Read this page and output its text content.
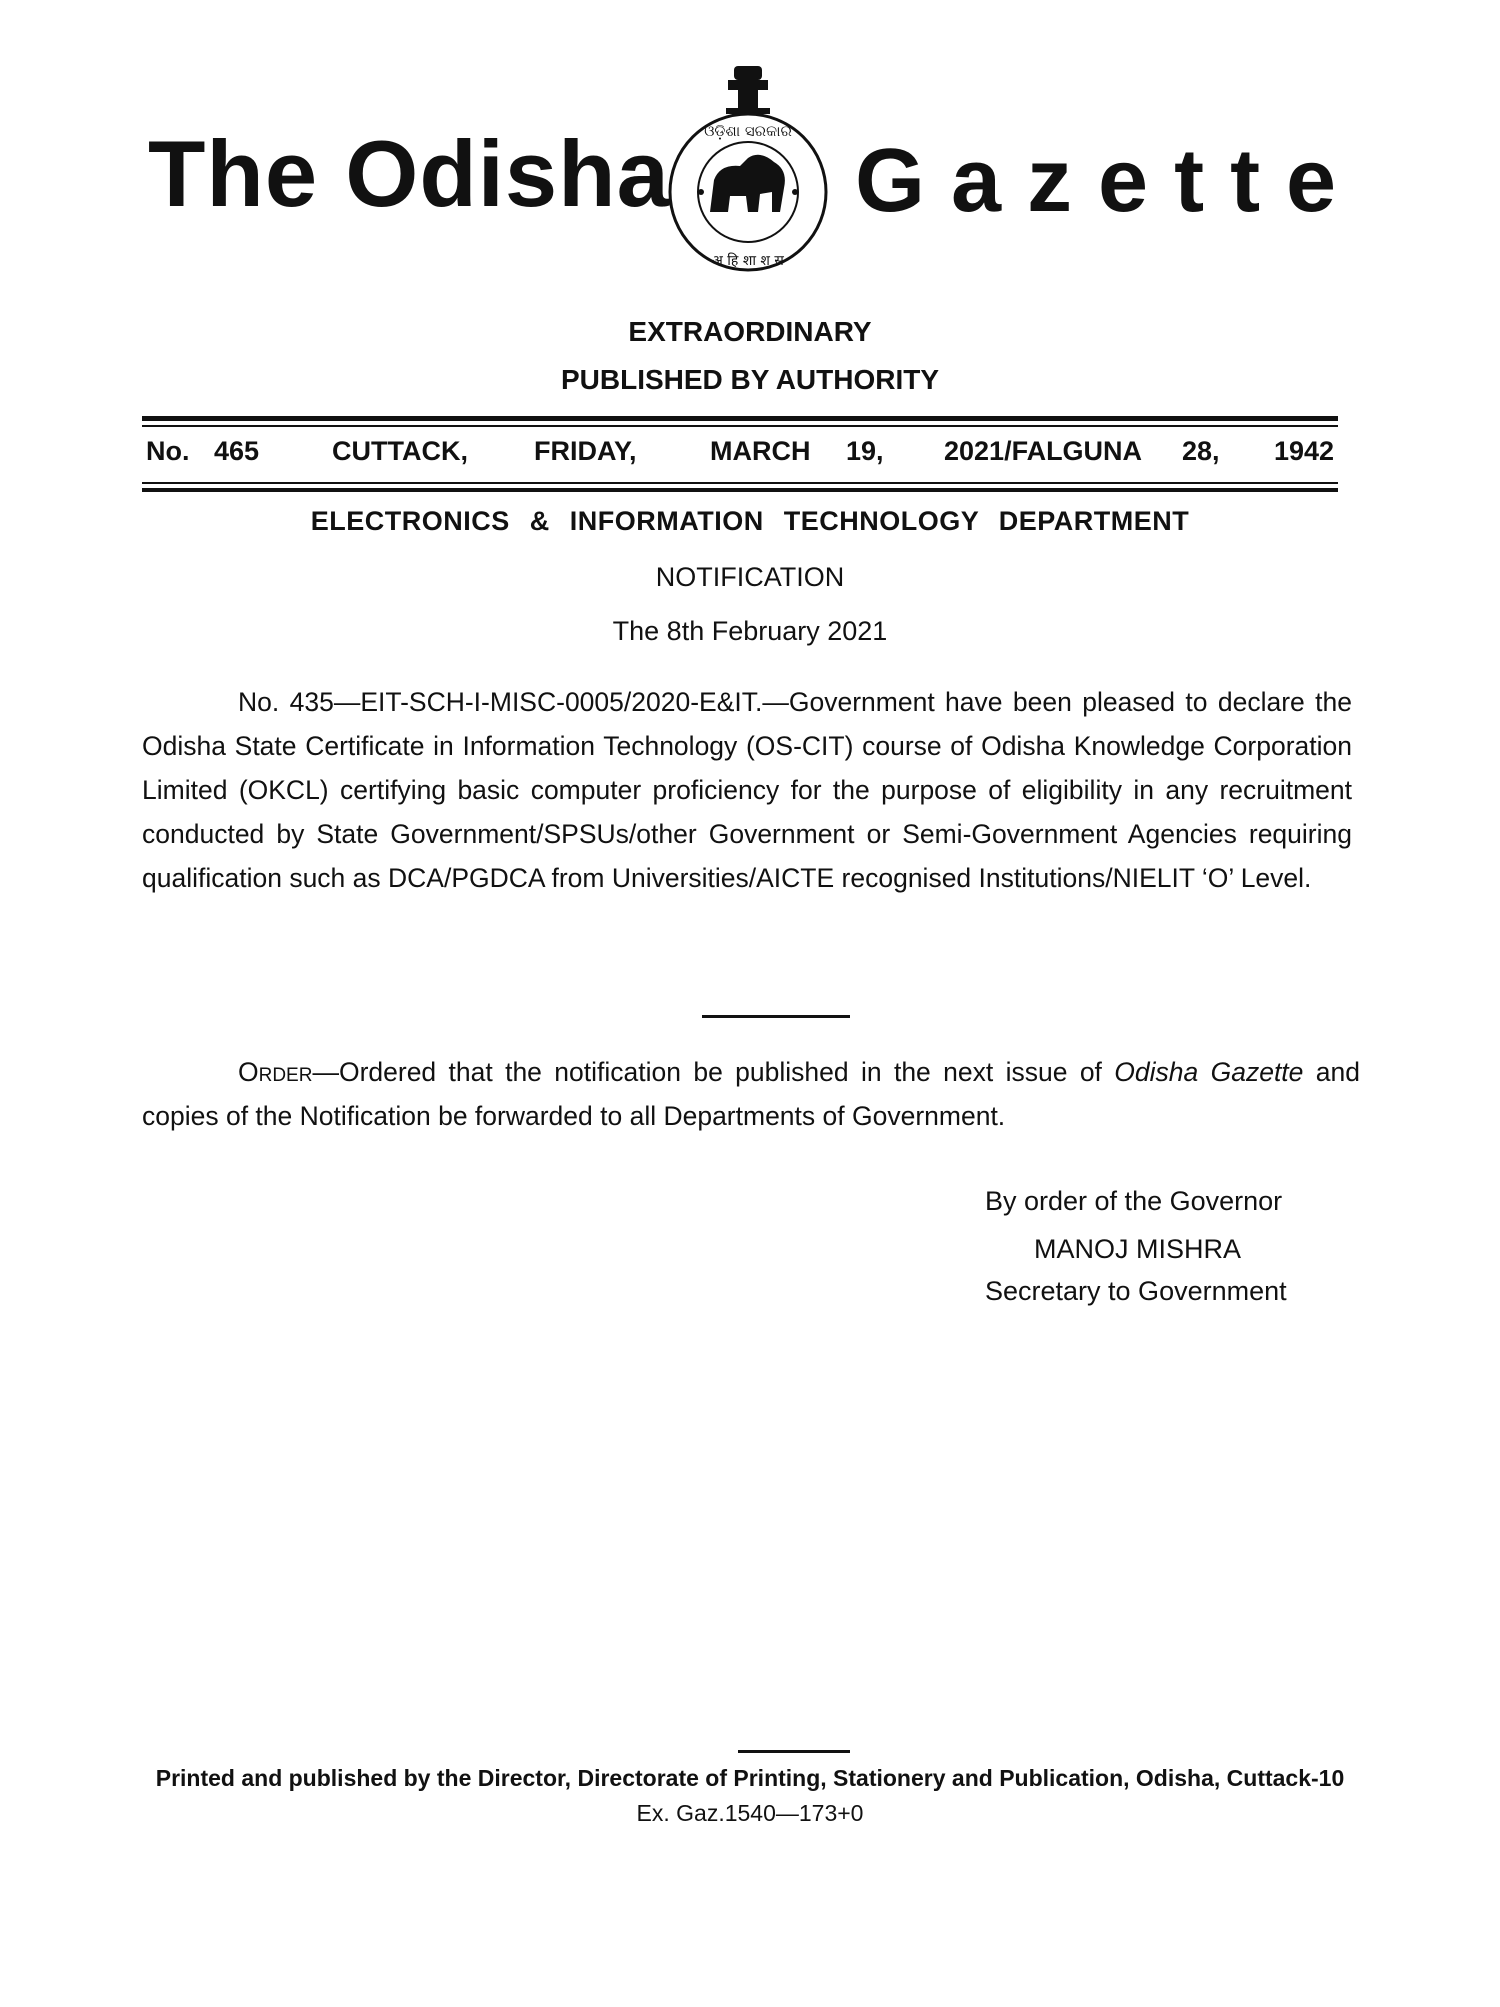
The Odisha ଓଡ଼ିଶା ସରକାର
अ हि शा श स
Gazette
EXTRAORDINARY
PUBLISHED BY AUTHORITY
No. 465	CUTTACK, FRIDAY,	MARCH 19, 2021/FALGUNA 28, 1942
ELECTRONICS & INFORMATION TECHNOLOGY DEPARTMENT
NOTIFICATION
The 8th February 2021

No. 435—EIT-SCH-I-MISC-0005/2020-E&IT.—Government have been pleased to declare the Odisha State Certificate in Information Technology (OS-CIT) course of Odisha Knowledge Corporation Limited (OKCL) certifying basic computer proficiency for the purpose of eligibility in any recruitment conducted by State Government/SPSUs/other Government or Semi-Government Agencies requiring qualification such as DCA/PGDCA from Universities/AICTE recognised Institutions/NIELIT ‘O’ Level.

Order—Ordered that the notification be published in the next issue of Odisha Gazette and copies of the Notification be forwarded to all Departments of Government.

By order of the Governor
MANOJ MISHRA
Secretary to Government
Printed and published by the Director, Directorate of Printing, Stationery and Publication, Odisha, Cuttack-10
Ex. Gaz.1540—173+0
